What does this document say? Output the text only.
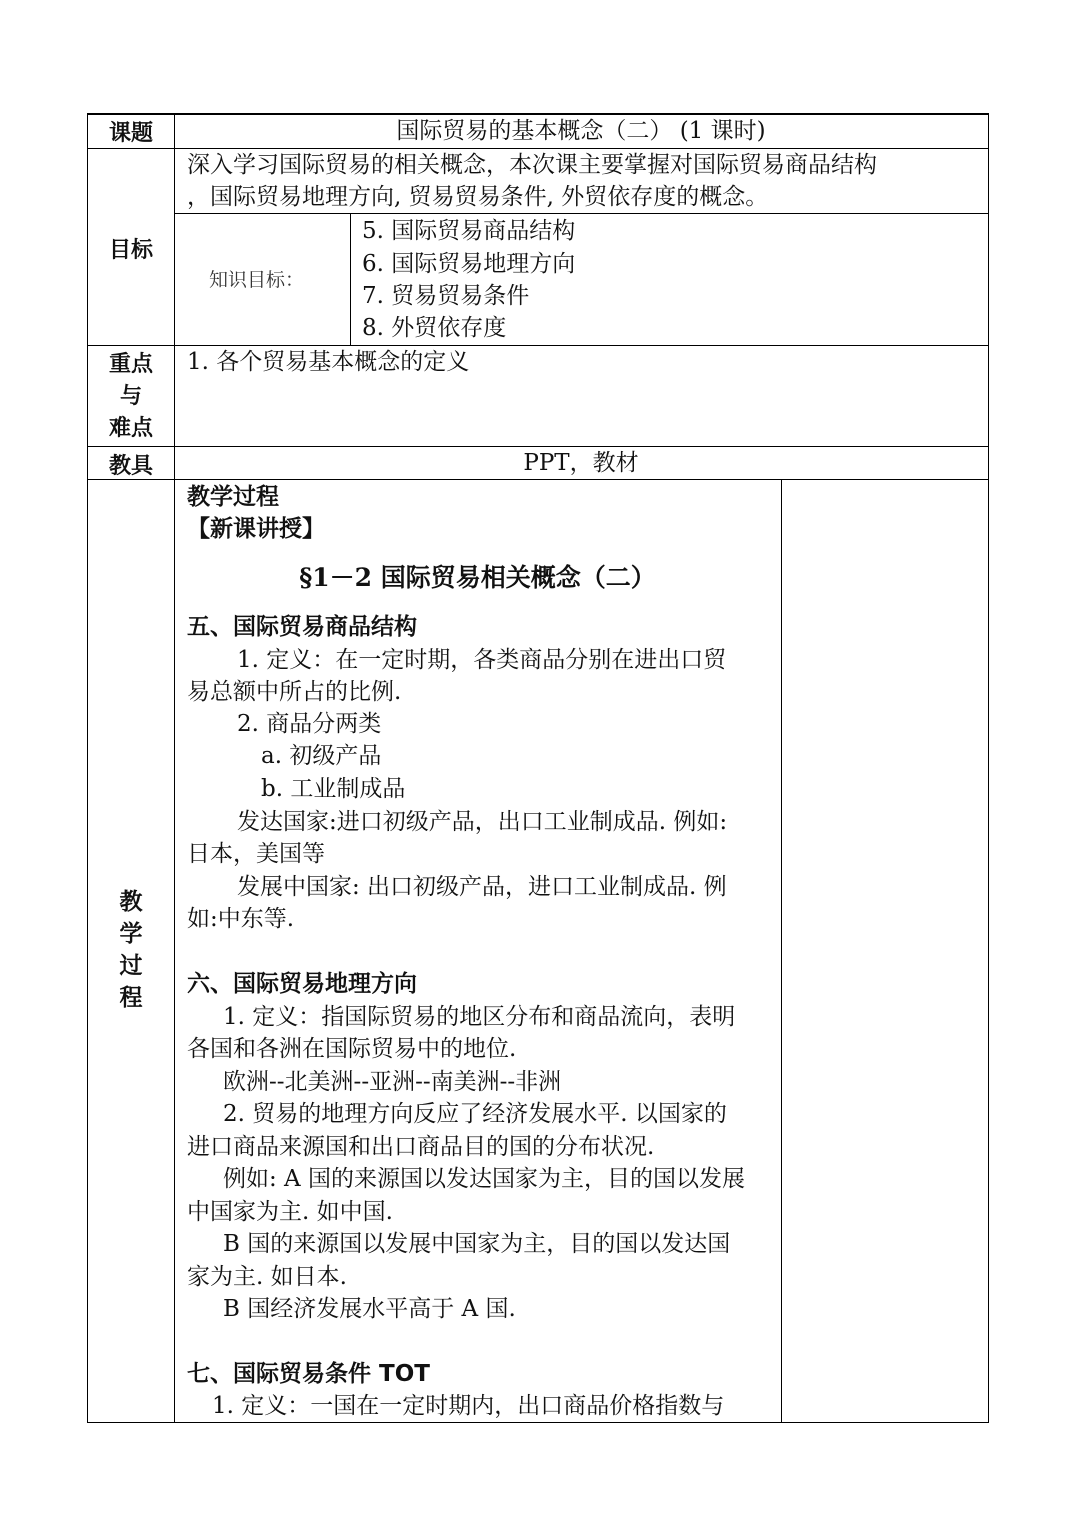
课题
目标
重点
与
难点
教具
教
学
过
程
国际贸易的基本概念（二） (1 课时)
深入学习国际贸易的相关概念，本次课主要掌握对国际贸易商品结构
，国际贸易地理方向, 贸易贸易条件, 外贸依存度的概念。
知识目标：
5. 国际贸易商品结构
6. 国际贸易地理方向
7. 贸易贸易条件
8. 外贸依存度
1. 各个贸易基本概念的定义
PPT，教材
教学过程
【新课讲授】
§1－2 国际贸易相关概念（二）
五、国际贸易商品结构
1. 定义：在一定时期，各类商品分别在进出口贸
易总额中所占的比例.
2. 商品分两类
a. 初级产品
b. 工业制成品
发达国家:进口初级产品，出口工业制成品. 例如:
日本，美国等
发展中国家: 出口初级产品，进口工业制成品. 例
如:中东等.
六、国际贸易地理方向
1. 定义：指国际贸易的地区分布和商品流向，表明
各国和各洲在国际贸易中的地位.
欧洲--北美洲--亚洲--南美洲--非洲
2. 贸易的地理方向反应了经济发展水平. 以国家的
进口商品来源国和出口商品目的国的分布状况.
例如: A 国的来源国以发达国家为主，目的国以发展
中国家为主. 如中国.
B 国的来源国以发展中国家为主，目的国以发达国
家为主. 如日本.
B 国经济发展水平高于 A 国.
七、国际贸易条件 TOT
1. 定义：一国在一定时期内，出口商品价格指数与
